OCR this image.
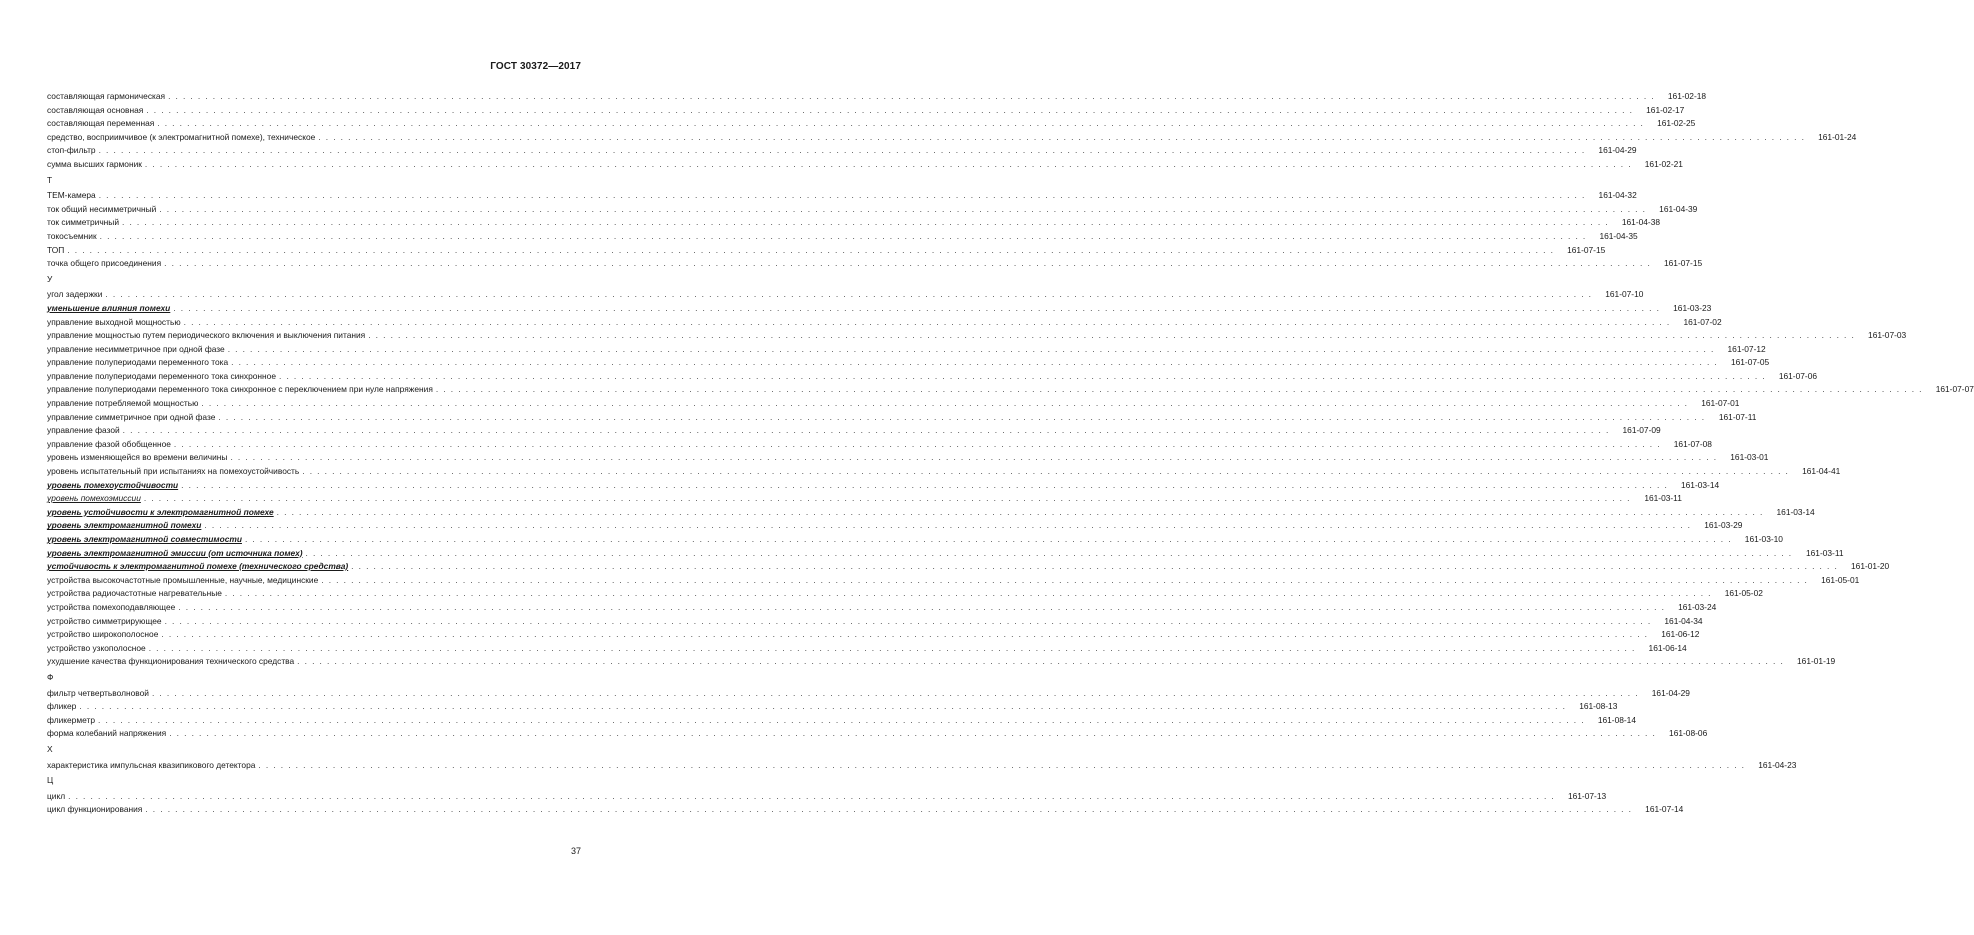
ГОСТ 30372—2017
составляющая гармоническая . . . . . . . . . . . . . . . . . . . . . . . . . . . . . . . . . . . . . . . . . . . . . . . . . . . . . . . . . . . . . . . . . . . . . . . . . . . . . . . . . . . . . . . . . . . . . . . . . . . . . . . . . . . . . . . . . . . . . . . . . . . . . . . . . . . . . . . . . . . . . . . . . . . . . . . . . . . . . . . . . . . . . . . . . . . . . . . . . . . . . . . . . . . . . . . . . . . . . . . .	161-02-18
составляющая основная . . . . . . . . . . . . . . . . . . . . . . . . . . . . . . . . . . . . . . . . . . . . . . . . . . . . . . . . . . . . . . . . . . . . . . . . . . . . . . . . . . . . . . . . . . . . . . . . . . . . . . . . . . . . . . . . . . . . . . . . . . . . . . . . . . . . . . . . . . . . . . . . . . . . . . . . . . . . . . . . . . . . . . . . . . . . . . . . . . . . . . . . . . . . . . . . . . . . . . . .	161-02-17
составляющая переменная . . . . . . . . . . . . . . . . . . . . . . . . . . . . . . . . . . . . . . . . . . . . . . . . . . . . . . . . . . . . . . . . . . . . . . . . . . . . . . . . . . . . . . . . . . . . . . . . . . . . . . . . . . . . . . . . . . . . . . . . . . . . . . . . . . . . . . . . . . . . . . . . . . . . . . . . . . . . . . . . . . . . . . . . . . . . . . . . . . . . . . . . . . . . . . . . . . . . . . . .	161-02-25
средство, восприимчивое (к электромагнитной помехе), техническое . . . . . . . . . . . . . . . . . . . . . . . . . . . . . . . . . . . . . . . . . . . . . . . . . . . . . . . . . . . . . . . . . . . . . . . . . . . . . . . . . . . . . . . . . . . . . . . . . . . . . . . . . . . . . . . . . . . . . . . . . . . . . . . . . . . . . . . . . . . . . . . . . . . . . . . . . . . . . . . . . . . . . . . . . . . . . . . . . . . . . . . . . . . . . . . . . . . . . . . .	161-01-24
стоп-фильтр . . . . . . . . . . . . . . . . . . . . . . . . . . . . . . . . . . . . . . . . . . . . . . . . . . . . . . . . . . . . . . . . . . . . . . . . . . . . . . . . . . . . . . . . . . . . . . . . . . . . . . . . . . . . . . . . . . . . . . . . . . . . . . . . . . . . . . . . . . . . . . . . . . . . . . . . . . . . . . . . . . . . . . . . . . . . . . . . . . . . . . . . . . . . . . . . . . . . . . . .	161-04-29
сумма высших гармоник . . . . . . . . . . . . . . . . . . . . . . . . . . . . . . . . . . . . . . . . . . . . . . . . . . . . . . . . . . . . . . . . . . . . . . . . . . . . . . . . . . . . . . . . . . . . . . . . . . . . . . . . . . . . . . . . . . . . . . . . . . . . . . . . . . . . . . . . . . . . . . . . . . . . . . . . . . . . . . . . . . . . . . . . . . . . . . . . . . . . . . . . . . . . . . . . . . . . . . . .	161-02-21
Т
ТЕМ-камера . . . . . . . . . . . . . . . . . . . . . . . . . . . . . . . . . . . . . . . . . . . . . . . . . . . . . . . . . . . . . . . . . . . . . . . . . . . . . . . . . . . . . . . . . . . . . . . . . . . . . . . . . . . . . . . . . . . . . . . . . . . . . . . . . . . . . . . . . . . . . . . . . . . . . . . . . . . . . . . . . . . . . . . . . . . . . . . . . . . . . . . . . . . . . . . . . . . . . . . .	161-04-32
ток общий несимметричный . . . . . . . . . . . . . . . . . . . . . . . . . . . . . . . . . . . . . . . . . . . . . . . . . . . . . . . . . . . . . . . . . . . . . . . . . . . . . . . . . . . . . . . . . . . . . . . . . . . . . . . . . . . . . . . . . . . . . . . . . . . . . . . . . . . . . . . . . . . . . . . . . . . . . . . . . . . . . . . . . . . . . . . . . . . . . . . . . . . . . . . . . . . . . . . . . . . . . . . .	161-04-39
ток симметричный . . . . . . . . . . . . . . . . . . . . . . . . . . . . . . . . . . . . . . . . . . . . . . . . . . . . . . . . . . . . . . . . . . . . . . . . . . . . . . . . . . . . . . . . . . . . . . . . . . . . . . . . . . . . . . . . . . . . . . . . . . . . . . . . . . . . . . . . . . . . . . . . . . . . . . . . . . . . . . . . . . . . . . . . . . . . . . . . . . . . . . . . . . . . . . . . . . . . . . . .	161-04-38
токосъемник . . . . . . . . . . . . . . . . . . . . . . . . . . . . . . . . . . . . . . . . . . . . . . . . . . . . . . . . . . . . . . . . . . . . . . . . . . . . . . . . . . . . . . . . . . . . . . . . . . . . . . . . . . . . . . . . . . . . . . . . . . . . . . . . . . . . . . . . . . . . . . . . . . . . . . . . . . . . . . . . . . . . . . . . . . . . . . . . . . . . . . . . . . . . . . . . . . . . . . . .	161-04-35
ТОП . . . . . . . . . . . . . . . . . . . . . . . . . . . . . . . . . . . . . . . . . . . . . . . . . . . . . . . . . . . . . . . . . . . . . . . . . . . . . . . . . . . . . . . . . . . . . . . . . . . . . . . . . . . . . . . . . . . . . . . . . . . . . . . . . . . . . . . . . . . . . . . . . . . . . . . . . . . . . . . . . . . . . . . . . . . . . . . . . . . . . . . . . . . . . . . . . . . . . . . .	161-07-15
точка общего присоединения . . . . . . . . . . . . . . . . . . . . . . . . . . . . . . . . . . . . . . . . . . . . . . . . . . . . . . . . . . . . . . . . . . . . . . . . . . . . . . . . . . . . . . . . . . . . . . . . . . . . . . . . . . . . . . . . . . . . . . . . . . . . . . . . . . . . . . . . . . . . . . . . . . . . . . . . . . . . . . . . . . . . . . . . . . . . . . . . . . . . . . . . . . . . . . . . . . . . . . . .	161-07-15
У
угол задержки . . . . . . . . . . . . . . . . . . . . . . . . . . . . . . . . . . . . . . . . . . . . . . . . . . . . . . . . . . . . . . . . . . . . . . . . . . . . . . . . . . . . . . . . . . . . . . . . . . . . . . . . . . . . . . . . . . . . . . . . . . . . . . . . . . . . . . . . . . . . . . . . . . . . . . . . . . . . . . . . . . . . . . . . . . . . . . . . . . . . . . . . . . . . . . . . . . . . . . . .	161-07-10
уменьшение влияния помехи . . . . . . . . . . . . . . . . . . . . . . . . . . . . . . . . . . . . . . . . . . . . . . . . . . . . . . . . . . . . . . . . . . . . . . . . . . . . . . . . . . . . . . . . . . . . . . . . . . . . . . . . . . . . . . . . . . . . . . . . . . . . . . . . . . . . . . . . . . . . . . . . . . . . . . . . . . . . . . . . . . . . . . . . . . . . . . . . . . . . . . . . . . . . . . . . . . . . . . . .	161-03-23
управление выходной мощностью . . . . . . . . . . . . . . . . . . . . . . . . . . . . . . . . . . . . . . . . . . . . . . . . . . . . . . . . . . . . . . . . . . . . . . . . . . . . . . . . . . . . . . . . . . . . . . . . . . . . . . . . . . . . . . . . . . . . . . . . . . . . . . . . . . . . . . . . . . . . . . . . . . . . . . . . . . . . . . . . . . . . . . . . . . . . . . . . . . . . . . . . . . . . . . . . . . . . . . . .	161-07-02
управление мощностью путем периодического включения и выключения питания . . . . . . . . . . . . . . . . . . . . . . . . . . . . . . . . . . . . . . . . . . . . . . . . . . . . . . . . . . . . . . . . . . . . . . . . . . . . . . . . . . . . . . . . . . . . . . . . . . . . . . . . . . . . . . . . . . . . . . . . . . . . . . . . . . . . . . . . . . . . . . . . . . . . . . . . . . . . . . . . . . . . . . . . . . . . . . . . . . . . . . . . . . . . . . . . . . . . . . . .	161-07-03
управление несимметричное при одной фазе . . . . . . . . . . . . . . . . . . . . . . . . . . . . . . . . . . . . . . . . . . . . . . . . . . . . . . . . . . . . . . . . . . . . . . . . . . . . . . . . . . . . . . . . . . . . . . . . . . . . . . . . . . . . . . . . . . . . . . . . . . . . . . . . . . . . . . . . . . . . . . . . . . . . . . . . . . . . . . . . . . . . . . . . . . . . . . . . . . . . . . . . . . . . . . . . . . . . . . . .	161-07-12
управление полупериодами переменного тока . . . . . . . . . . . . . . . . . . . . . . . . . . . . . . . . . . . . . . . . . . . . . . . . . . . . . . . . . . . . . . . . . . . . . . . . . . . . . . . . . . . . . . . . . . . . . . . . . . . . . . . . . . . . . . . . . . . . . . . . . . . . . . . . . . . . . . . . . . . . . . . . . . . . . . . . . . . . . . . . . . . . . . . . . . . . . . . . . . . . . . . . . . . . . . . . . . . . . . . .	161-07-05
управление полупериодами переменного тока синхронное . . . . . . . . . . . . . . . . . . . . . . . . . . . . . . . . . . . . . . . . . . . . . . . . . . . . . . . . . . . . . . . . . . . . . . . . . . . . . . . . . . . . . . . . . . . . . . . . . . . . . . . . . . . . . . . . . . . . . . . . . . . . . . . . . . . . . . . . . . . . . . . . . . . . . . . . . . . . . . . . . . . . . . . . . . . . . . . . . . . . . . . . . . . . . . . . . . . . . . . .	161-07-06
управление полупериодами переменного тока синхронное с переключением при нуле напряжения . . . . . . . . . . . . . . . . . . . . . . . . . . . . . . . . . . . . . . . . . . . . . . . . . . . . . . . . . . . . . . . . . . . . . . . . . . . . . . . . . . . . . . . . . . . . . . . . . . . . . . . . . . . . . . . . . . . . . . . . . . . . . . . . . . . . . . . . . . . . . . . . . . . . . . . . . . . . . . . . . . . . . . . . . . . . . . . . . . . . . . . . . . . . . . . . . . . . . . . .	161-07-07
управление потребляемой мощностью . . . . . . . . . . . . . . . . . . . . . . . . . . . . . . . . . . . . . . . . . . . . . . . . . . . . . . . . . . . . . . . . . . . . . . . . . . . . . . . . . . . . . . . . . . . . . . . . . . . . . . . . . . . . . . . . . . . . . . . . . . . . . . . . . . . . . . . . . . . . . . . . . . . . . . . . . . . . . . . . . . . . . . . . . . . . . . . . . . . . . . . . . . . . . . . . . . . . . . . .	161-07-01
управление симметричное при одной фазе . . . . . . . . . . . . . . . . . . . . . . . . . . . . . . . . . . . . . . . . . . . . . . . . . . . . . . . . . . . . . . . . . . . . . . . . . . . . . . . . . . . . . . . . . . . . . . . . . . . . . . . . . . . . . . . . . . . . . . . . . . . . . . . . . . . . . . . . . . . . . . . . . . . . . . . . . . . . . . . . . . . . . . . . . . . . . . . . . . . . . . . . . . . . . . . . . . . . . . . .	161-07-11
управление фазой . . . . . . . . . . . . . . . . . . . . . . . . . . . . . . . . . . . . . . . . . . . . . . . . . . . . . . . . . . . . . . . . . . . . . . . . . . . . . . . . . . . . . . . . . . . . . . . . . . . . . . . . . . . . . . . . . . . . . . . . . . . . . . . . . . . . . . . . . . . . . . . . . . . . . . . . . . . . . . . . . . . . . . . . . . . . . . . . . . . . . . . . . . . . . . . . . . . . . . . .	161-07-09
управление фазой обобщенное . . . . . . . . . . . . . . . . . . . . . . . . . . . . . . . . . . . . . . . . . . . . . . . . . . . . . . . . . . . . . . . . . . . . . . . . . . . . . . . . . . . . . . . . . . . . . . . . . . . . . . . . . . . . . . . . . . . . . . . . . . . . . . . . . . . . . . . . . . . . . . . . . . . . . . . . . . . . . . . . . . . . . . . . . . . . . . . . . . . . . . . . . . . . . . . . . . . . . . . .	161-07-08
уровень изменяющейся во времени величины . . . . . . . . . . . . . . . . . . . . . . . . . . . . . . . . . . . . . . . . . . . . . . . . . . . . . . . . . . . . . . . . . . . . . . . . . . . . . . . . . . . . . . . . . . . . . . . . . . . . . . . . . . . . . . . . . . . . . . . . . . . . . . . . . . . . . . . . . . . . . . . . . . . . . . . . . . . . . . . . . . . . . . . . . . . . . . . . . . . . . . . . . . . . . . . . . . . . . . . .	161-03-01
уровень испытательный при испытаниях на помехоустойчивость . . . . . . . . . . . . . . . . . . . . . . . . . . . . . . . . . . . . . . . . . . . . . . . . . . . . . . . . . . . . . . . . . . . . . . . . . . . . . . . . . . . . . . . . . . . . . . . . . . . . . . . . . . . . . . . . . . . . . . . . . . . . . . . . . . . . . . . . . . . . . . . . . . . . . . . . . . . . . . . . . . . . . . . . . . . . . . . . . . . . . . . . . . . . . . . . . . . . . . . .	161-04-41
уровень помехоустойчивости . . . . . . . . . . . . . . . . . . . . . . . . . . . . . . . . . . . . . . . . . . . . . . . . . . . . . . . . . . . . . . . . . . . . . . . . . . . . . . . . . . . . . . . . . . . . . . . . . . . . . . . . . . . . . . . . . . . . . . . . . . . . . . . . . . . . . . . . . . . . . . . . . . . . . . . . . . . . . . . . . . . . . . . . . . . . . . . . . . . . . . . . . . . . . . . . . . . . . . . .	161-03-14
уровень помехоэмиссии . . . . . . . . . . . . . . . . . . . . . . . . . . . . . . . . . . . . . . . . . . . . . . . . . . . . . . . . . . . . . . . . . . . . . . . . . . . . . . . . . . . . . . . . . . . . . . . . . . . . . . . . . . . . . . . . . . . . . . . . . . . . . . . . . . . . . . . . . . . . . . . . . . . . . . . . . . . . . . . . . . . . . . . . . . . . . . . . . . . . . . . . . . . . . . . . . . . . . . . .	161-03-11
уровень устойчивости к электромагнитной помехе . . . . . . . . . . . . . . . . . . . . . . . . . . . . . . . . . . . . . . . . . . . . . . . . . . . . . . . . . . . . . . . . . . . . . . . . . . . . . . . . . . . . . . . . . . . . . . . . . . . . . . . . . . . . . . . . . . . . . . . . . . . . . . . . . . . . . . . . . . . . . . . . . . . . . . . . . . . . . . . . . . . . . . . . . . . . . . . . . . . . . . . . . . . . . . . . . . . . . . . .	161-03-14
уровень электромагнитной помехи . . . . . . . . . . . . . . . . . . . . . . . . . . . . . . . . . . . . . . . . . . . . . . . . . . . . . . . . . . . . . . . . . . . . . . . . . . . . . . . . . . . . . . . . . . . . . . . . . . . . . . . . . . . . . . . . . . . . . . . . . . . . . . . . . . . . . . . . . . . . . . . . . . . . . . . . . . . . . . . . . . . . . . . . . . . . . . . . . . . . . . . . . . . . . . . . . . . . . . . .	161-03-29
уровень электромагнитной совместимости . . . . . . . . . . . . . . . . . . . . . . . . . . . . . . . . . . . . . . . . . . . . . . . . . . . . . . . . . . . . . . . . . . . . . . . . . . . . . . . . . . . . . . . . . . . . . . . . . . . . . . . . . . . . . . . . . . . . . . . . . . . . . . . . . . . . . . . . . . . . . . . . . . . . . . . . . . . . . . . . . . . . . . . . . . . . . . . . . . . . . . . . . . . . . . . . . . . . . . . .	161-03-10
уровень электромагнитной эмиссии (от источника помех) . . . . . . . . . . . . . . . . . . . . . . . . . . . . . . . . . . . . . . . . . . . . . . . . . . . . . . . . . . . . . . . . . . . . . . . . . . . . . . . . . . . . . . . . . . . . . . . . . . . . . . . . . . . . . . . . . . . . . . . . . . . . . . . . . . . . . . . . . . . . . . . . . . . . . . . . . . . . . . . . . . . . . . . . . . . . . . . . . . . . . . . . . . . . . . . . . . . . . . . .	161-03-11
устойчивость к электромагнитной помехе (технического средства) . . . . . . . . . . . . . . . . . . . . . . . . . . . . . . . . . . . . . . . . . . . . . . . . . . . . . . . . . . . . . . . . . . . . . . . . . . . . . . . . . . . . . . . . . . . . . . . . . . . . . . . . . . . . . . . . . . . . . . . . . . . . . . . . . . . . . . . . . . . . . . . . . . . . . . . . . . . . . . . . . . . . . . . . . . . . . . . . . . . . . . . . . . . . . . . . . . . . . . . .	161-01-20
устройства высокочастотные промышленные, научные, медицинские . . . . . . . . . . . . . . . . . . . . . . . . . . . . . . . . . . . . . . . . . . . . . . . . . . . . . . . . . . . . . . . . . . . . . . . . . . . . . . . . . . . . . . . . . . . . . . . . . . . . . . . . . . . . . . . . . . . . . . . . . . . . . . . . . . . . . . . . . . . . . . . . . . . . . . . . . . . . . . . . . . . . . . . . . . . . . . . . . . . . . . . . . . . . . . . . . . . . . . . .	161-05-01
устройства радиочастотные нагревательные . . . . . . . . . . . . . . . . . . . . . . . . . . . . . . . . . . . . . . . . . . . . . . . . . . . . . . . . . . . . . . . . . . . . . . . . . . . . . . . . . . . . . . . . . . . . . . . . . . . . . . . . . . . . . . . . . . . . . . . . . . . . . . . . . . . . . . . . . . . . . . . . . . . . . . . . . . . . . . . . . . . . . . . . . . . . . . . . . . . . . . . . . . . . . . . . . . . . . . . .	161-05-02
устройства помехоподавляющее . . . . . . . . . . . . . . . . . . . . . . . . . . . . . . . . . . . . . . . . . . . . . . . . . . . . . . . . . . . . . . . . . . . . . . . . . . . . . . . . . . . . . . . . . . . . . . . . . . . . . . . . . . . . . . . . . . . . . . . . . . . . . . . . . . . . . . . . . . . . . . . . . . . . . . . . . . . . . . . . . . . . . . . . . . . . . . . . . . . . . . . . . . . . . . . . . . . . . . . .	161-03-24
устройство симметрирующее . . . . . . . . . . . . . . . . . . . . . . . . . . . . . . . . . . . . . . . . . . . . . . . . . . . . . . . . . . . . . . . . . . . . . . . . . . . . . . . . . . . . . . . . . . . . . . . . . . . . . . . . . . . . . . . . . . . . . . . . . . . . . . . . . . . . . . . . . . . . . . . . . . . . . . . . . . . . . . . . . . . . . . . . . . . . . . . . . . . . . . . . . . . . . . . . . . . . . . . .	161-04-34
устройство широкополосное . . . . . . . . . . . . . . . . . . . . . . . . . . . . . . . . . . . . . . . . . . . . . . . . . . . . . . . . . . . . . . . . . . . . . . . . . . . . . . . . . . . . . . . . . . . . . . . . . . . . . . . . . . . . . . . . . . . . . . . . . . . . . . . . . . . . . . . . . . . . . . . . . . . . . . . . . . . . . . . . . . . . . . . . . . . . . . . . . . . . . . . . . . . . . . . . . . . . . . . .	161-06-12
устройство узкополосное . . . . . . . . . . . . . . . . . . . . . . . . . . . . . . . . . . . . . . . . . . . . . . . . . . . . . . . . . . . . . . . . . . . . . . . . . . . . . . . . . . . . . . . . . . . . . . . . . . . . . . . . . . . . . . . . . . . . . . . . . . . . . . . . . . . . . . . . . . . . . . . . . . . . . . . . . . . . . . . . . . . . . . . . . . . . . . . . . . . . . . . . . . . . . . . . . . . . . . . .	161-06-14
ухудшение качества функционирования технического средства . . . . . . . . . . . . . . . . . . . . . . . . . . . . . . . . . . . . . . . . . . . . . . . . . . . . . . . . . . . . . . . . . . . . . . . . . . . . . . . . . . . . . . . . . . . . . . . . . . . . . . . . . . . . . . . . . . . . . . . . . . . . . . . . . . . . . . . . . . . . . . . . . . . . . . . . . . . . . . . . . . . . . . . . . . . . . . . . . . . . . . . . . . . . . . . . . . . . . . . .	161-01-19
Ф
фильтр четвертьволновой . . . . . . . . . . . . . . . . . . . . . . . . . . . . . . . . . . . . . . . . . . . . . . . . . . . . . . . . . . . . . . . . . . . . . . . . . . . . . . . . . . . . . . . . . . . . . . . . . . . . . . . . . . . . . . . . . . . . . . . . . . . . . . . . . . . . . . . . . . . . . . . . . . . . . . . . . . . . . . . . . . . . . . . . . . . . . . . . . . . . . . . . . . . . . . . . . . . . . . . .	161-04-29
фликер . . . . . . . . . . . . . . . . . . . . . . . . . . . . . . . . . . . . . . . . . . . . . . . . . . . . . . . . . . . . . . . . . . . . . . . . . . . . . . . . . . . . . . . . . . . . . . . . . . . . . . . . . . . . . . . . . . . . . . . . . . . . . . . . . . . . . . . . . . . . . . . . . . . . . . . . . . . . . . . . . . . . . . . . . . . . . . . . . . . . . . . . . . . . . . . . . . . . . . . .	161-08-13
фликерметр . . . . . . . . . . . . . . . . . . . . . . . . . . . . . . . . . . . . . . . . . . . . . . . . . . . . . . . . . . . . . . . . . . . . . . . . . . . . . . . . . . . . . . . . . . . . . . . . . . . . . . . . . . . . . . . . . . . . . . . . . . . . . . . . . . . . . . . . . . . . . . . . . . . . . . . . . . . . . . . . . . . . . . . . . . . . . . . . . . . . . . . . . . . . . . . . . . . . . . . .	161-08-14
форма колебаний напряжения . . . . . . . . . . . . . . . . . . . . . . . . . . . . . . . . . . . . . . . . . . . . . . . . . . . . . . . . . . . . . . . . . . . . . . . . . . . . . . . . . . . . . . . . . . . . . . . . . . . . . . . . . . . . . . . . . . . . . . . . . . . . . . . . . . . . . . . . . . . . . . . . . . . . . . . . . . . . . . . . . . . . . . . . . . . . . . . . . . . . . . . . . . . . . . . . . . . . . . . .	161-08-06
Х
характеристика импульсная квазипикового детектора . . . . . . . . . . . . . . . . . . . . . . . . . . . . . . . . . . . . . . . . . . . . . . . . . . . . . . . . . . . . . . . . . . . . . . . . . . . . . . . . . . . . . . . . . . . . . . . . . . . . . . . . . . . . . . . . . . . . . . . . . . . . . . . . . . . . . . . . . . . . . . . . . . . . . . . . . . . . . . . . . . . . . . . . . . . . . . . . . . . . . . . . . . . . . . . . . . . . . . . .	161-04-23
Ц
цикл . . . . . . . . . . . . . . . . . . . . . . . . . . . . . . . . . . . . . . . . . . . . . . . . . . . . . . . . . . . . . . . . . . . . . . . . . . . . . . . . . . . . . . . . . . . . . . . . . . . . . . . . . . . . . . . . . . . . . . . . . . . . . . . . . . . . . . . . . . . . . . . . . . . . . . . . . . . . . . . . . . . . . . . . . . . . . . . . . . . . . . . . . . . . . . . . . . . . . . . .	161-07-13
цикл функционирования . . . . . . . . . . . . . . . . . . . . . . . . . . . . . . . . . . . . . . . . . . . . . . . . . . . . . . . . . . . . . . . . . . . . . . . . . . . . . . . . . . . . . . . . . . . . . . . . . . . . . . . . . . . . . . . . . . . . . . . . . . . . . . . . . . . . . . . . . . . . . . . . . . . . . . . . . . . . . . . . . . . . . . . . . . . . . . . . . . . . . . . . . . . . . . . . . . . . . . . .	161-07-14
37
